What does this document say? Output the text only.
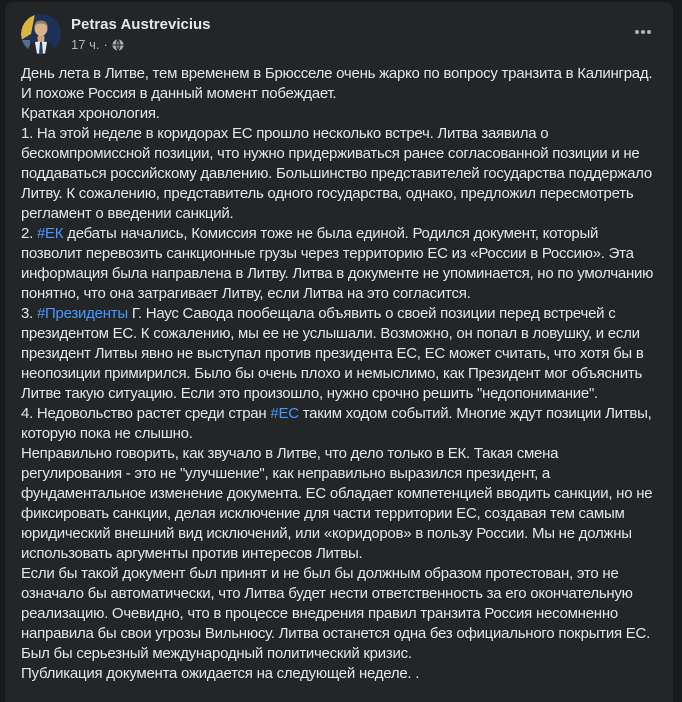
Petras Austrevicius
17 ч. ·
День лета в Литве, тем временем в Брюсселе очень жарко по вопросу транзита в Калинград. И похоже Россия в данный момент побеждает.
Краткая хронология.
1. На этой неделе в коридорах ЕС прошло несколько встреч. Литва заявила о бескомпромиссной позиции, что нужно придерживаться ранее согласованной позиции и не поддаваться российскому давлению. Большинство представителей государства поддержало Литву. К сожалению, представитель одного государства, однако, предложил пересмотреть регламент о введении санкций.
2. #ЕК дебаты начались, Комиссия тоже не была единой. Родился документ, который позволит перевозить санкционные грузы через территорию ЕС из «России в Россию». Эта информация была направлена в Литву. Литва в документе не упоминается, но по умолчанию понятно, что она затрагивает Литву, если Литва на это согласится.
3. #Президенты Г. Наус Савода пообещала объявить о своей позиции перед встречей с президентом ЕС. К сожалению, мы ее не услышали. Возможно, он попал в ловушку, и если президент Литвы явно не выступал против президента ЕС, ЕС может считать, что хотя бы в неопозиции примирился. Было бы очень плохо и немыслимо, как Президент мог объяснить Литве такую ситуацию. Если это произошло, нужно срочно решить "недопонимание".
4. Недовольство растет среди стран #ЕС таким ходом событий. Многие ждут позиции Литвы, которую пока не слышно.
Неправильно говорить, как звучало в Литве, что дело только в ЕК. Такая смена регулирования - это не "улучшение", как неправильно выразился президент, а фундаментальное изменение документа. ЕС обладает компетенцией вводить санкции, но не фиксировать санкции, делая исключение для части территории ЕС, создавая тем самым юридический внешний вид исключений, или «коридоров» в пользу России. Мы не должны использовать аргументы против интересов Литвы.
Если бы такой документ был принят и не был бы должным образом протестован, это не означало бы автоматически, что Литва будет нести ответственность за его окончательную реализацию. Очевидно, что в процессе внедрения правил транзита Россия несомненно направила бы свои угрозы Вильнюсу. Литва останется одна без официального покрытия ЕС. Был бы серьезный международный политический кризис.
Публикация документа ожидается на следующей неделе. .
